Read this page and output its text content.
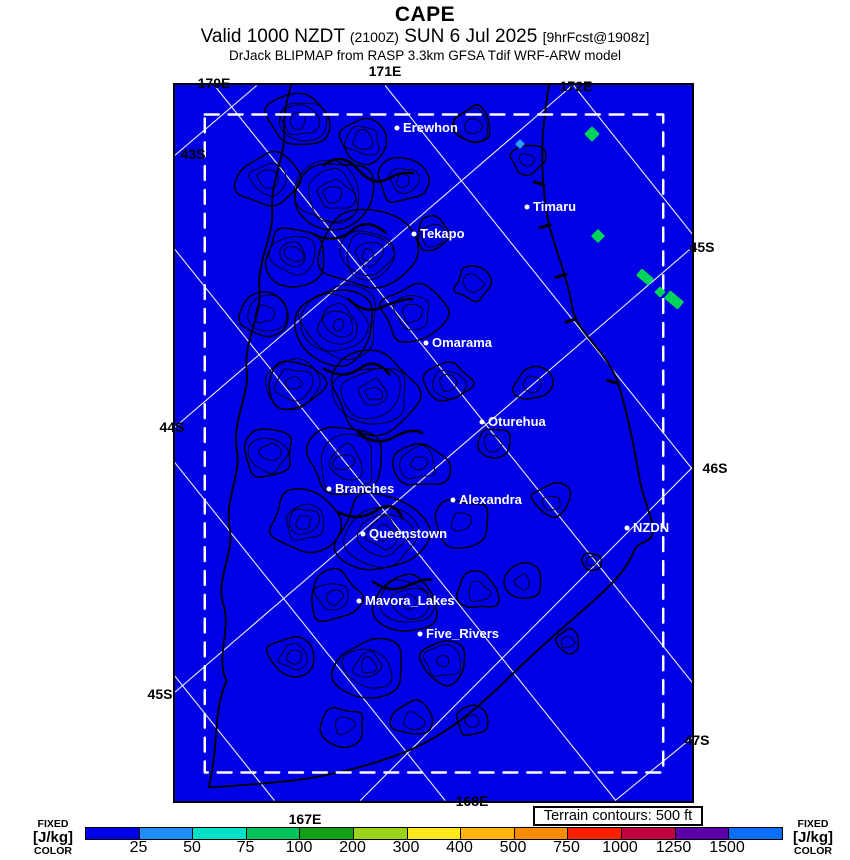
CAPE
Valid 1000 NZDT (2100Z) SUN 6 Jul 2025 [9hrFcst@1908z]
DrJack BLIPMAP from RASP 3.3km GFSA Tdif WRF-ARW model
Terrain contours: 500 ft
FIXED
[J/kg]
COLOR
FIXED
[J/kg]
COLOR
171E
170E	172E
43S
44S
45S
45S
46S
47S
168E
167E
Erewhon
Timaru
Tekapo
Omarama
Oturehua
Branches
Alexandra
Queenstown	NZDN
Mavora_Lakes
Five_Rivers
25 50 75 100 200 300 400 500 750 1000 1250 1500
